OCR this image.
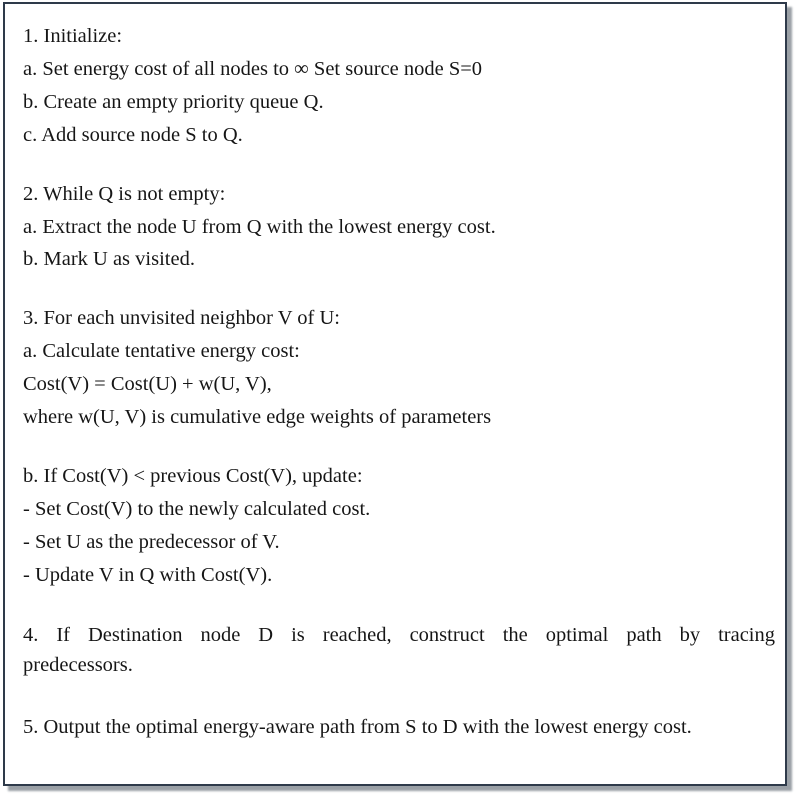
1. Initialize:
a. Set energy cost of all nodes to ∞ Set source node S=0
b. Create an empty priority queue Q.
c. Add source node S to Q.
2. While Q is not empty:
a. Extract the node U from Q with the lowest energy cost.
b. Mark U as visited.
3. For each unvisited neighbor V of U:
a. Calculate tentative energy cost:
Cost(V) = Cost(U) + w(U, V),
where w(U, V) is cumulative edge weights of parameters
b. If Cost(V) < previous Cost(V), update:
- Set Cost(V) to the newly calculated cost.
- Set U as the predecessor of V.
- Update V in Q with Cost(V).
4. If Destination node D is reached, construct the optimal path by tracing
predecessors.
5. Output the optimal energy-aware path from S to D with the lowest energy cost.
